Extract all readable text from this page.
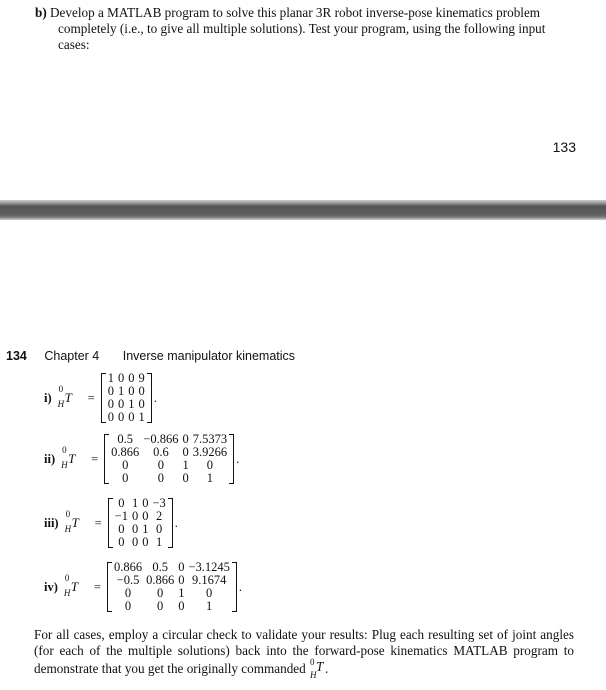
b) Develop a MATLAB program to solve this planar 3R robot inverse-pose kinematics problem completely (i.e., to give all multiple solutions). Test your program, using the following input cases:

133
134 Chapter 4 Inverse manipulator kinematics
i)
0
H T =
1	0	0	9
0	1	0	0
0	0	1	0
0	0	0	1
.
ii)
0
H T =
0.5	−0.866	0	7.5373
0.866	0.6	0	3.9266
0	0	1	0
0	0	0	1
.
iii)
0
H T =
0	1	0	−3
−1	0	0	2
0	0	1	0
0	0	0	1
.
iv)
0
H T =
0.866	0.5	0	−3.1245
−0.5	0.866	0	9.1674
0	0	1	0
0	0	0	1
.
For all cases, employ a circular check to validate your results: Plug each resulting set of joint angles (for each of the multiple solutions) back into the forward-pose kinematics MATLAB program to demonstrate that you get the originally commanded 0
H
T .
